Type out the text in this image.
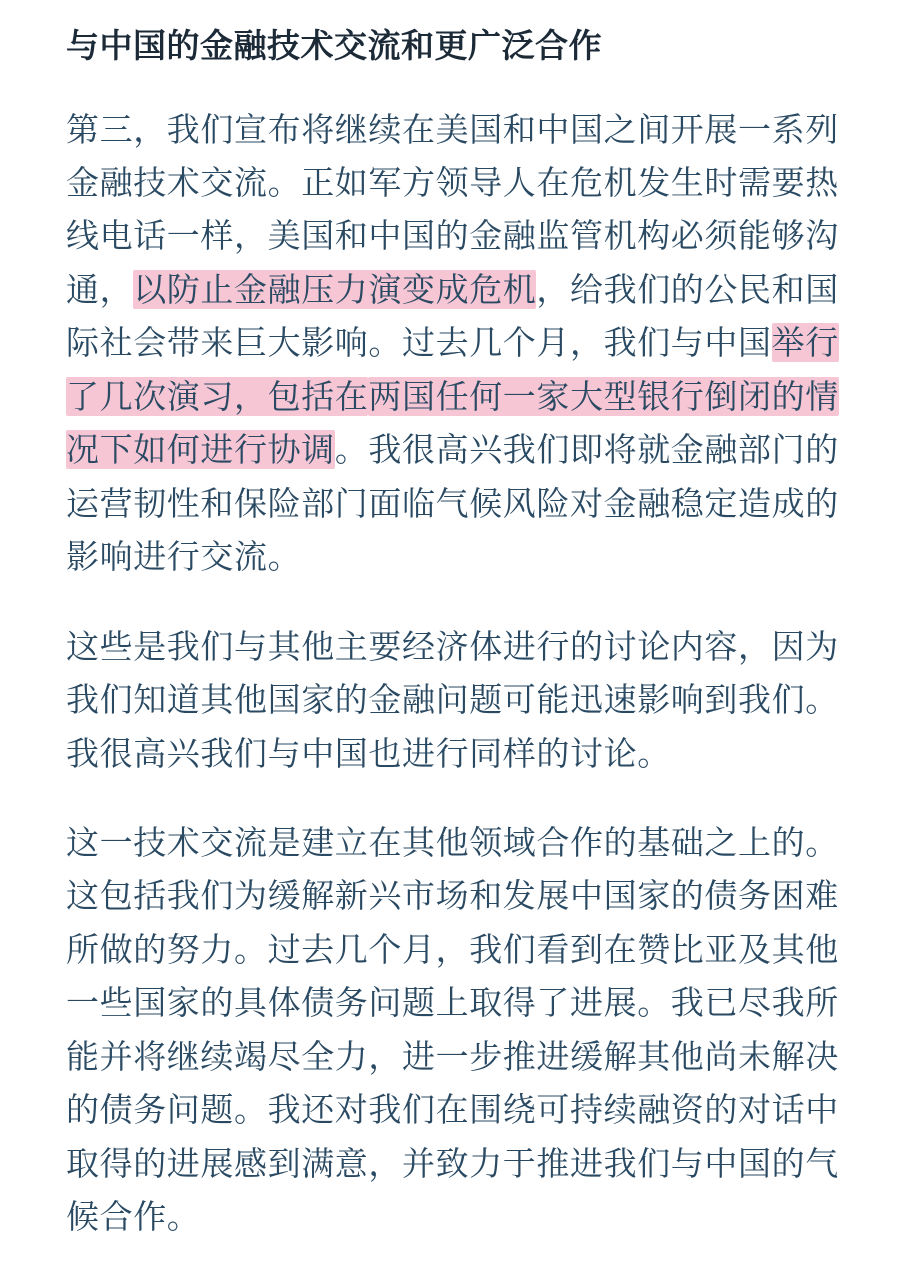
与中国的金融技术交流和更广泛合作

第三，我们宣布将继续在美国和中国之间开展一系列金融技术交流。正如军方领导人在危机发生时需要热线电话一样，美国和中国的金融监管机构必须能够沟通，以防止金融压力演变成危机，给我们的公民和国际社会带来巨大影响。过去几个月，我们与中国举行了几次演习，包括在两国任何一家大型银行倒闭的情况下如何进行协调。我很高兴我们即将就金融部门的运营韧性和保险部门面临气候风险对金融稳定造成的影响进行交流。

这些是我们与其他主要经济体进行的讨论内容，因为我们知道其他国家的金融问题可能迅速影响到我们。我很高兴我们与中国也进行同样的讨论。

这一技术交流是建立在其他领域合作的基础之上的。这包括我们为缓解新兴市场和发展中国家的债务困难所做的努力。过去几个月，我们看到在赞比亚及其他一些国家的具体债务问题上取得了进展。我已尽我所能并将继续竭尽全力，进一步推进缓解其他尚未解决的债务问题。我还对我们在围绕可持续融资的对话中取得的进展感到满意，并致力于推进我们与中国的气候合作。
